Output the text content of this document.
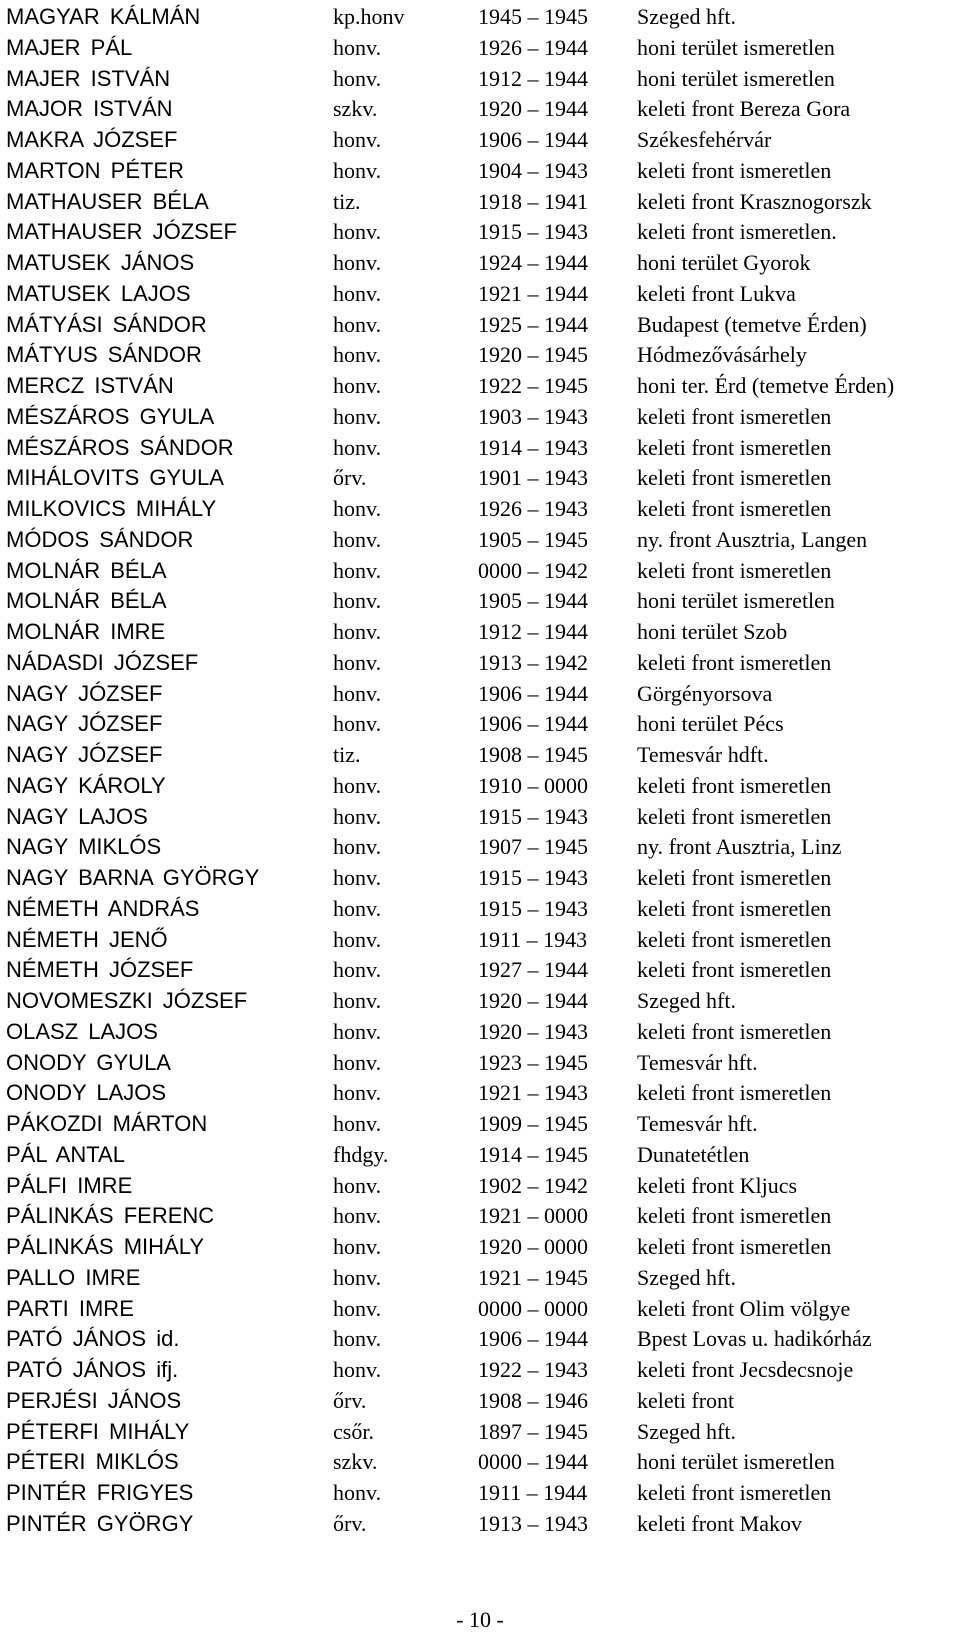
MAGYAR KÁLMÁN	kp.honv	1945 – 1945 Szeged hft.
MAJER PÁL	honv.	1926 – 1944 honi terület ismeretlen
MAJER ISTVÁN	honv.	1912 – 1944 honi terület ismeretlen
MAJOR ISTVÁN	szkv.	1920 – 1944 keleti front Bereza Gora
MAKRA JÓZSEF	honv.	1906 – 1944 Székesfehérvár
MARTON PÉTER	honv.	1904 – 1943 keleti front ismeretlen
MATHAUSER BÉLA	tiz.	1918 – 1941 keleti front Krasznogorszk
MATHAUSER JÓZSEF	honv.	1915 – 1943 keleti front ismeretlen.
MATUSEK JÁNOS	honv.	1924 – 1944 honi terület Gyorok
MATUSEK LAJOS	honv.	1921 – 1944 keleti front Lukva
MÁTYÁSI SÁNDOR	honv.	1925 – 1944 Budapest (temetve Érden)
MÁTYUS SÁNDOR	honv.	1920 – 1945 Hódmezővásárhely
MERCZ ISTVÁN	honv.	1922 – 1945 honi ter. Érd (temetve Érden)
MÉSZÁROS GYULA	honv.	1903 – 1943 keleti front ismeretlen
MÉSZÁROS SÁNDOR	honv.	1914 – 1943 keleti front ismeretlen
MIHÁLOVITS GYULA	őrv.	1901 – 1943 keleti front ismeretlen
MILKOVICS MIHÁLY	honv.	1926 – 1943 keleti front ismeretlen
MÓDOS SÁNDOR	honv.	1905 – 1945 ny. front Ausztria, Langen
MOLNÁR BÉLA	honv.	0000 – 1942 keleti front ismeretlen
MOLNÁR BÉLA	honv.	1905 – 1944 honi terület ismeretlen
MOLNÁR IMRE	honv.	1912 – 1944 honi terület Szob
NÁDASDI JÓZSEF	honv.	1913 – 1942 keleti front ismeretlen
NAGY JÓZSEF	honv.	1906 – 1944 Görgényorsova
NAGY JÓZSEF	honv.	1906 – 1944 honi terület Pécs
NAGY JÓZSEF	tiz.	1908 – 1945 Temesvár hdft.
NAGY KÁROLY	honv.	1910 – 0000 keleti front ismeretlen
NAGY LAJOS	honv.	1915 – 1943 keleti front ismeretlen
NAGY MIKLÓS	honv.	1907 – 1945 ny. front Ausztria, Linz
NAGY BARNA GYÖRGY	honv.	1915 – 1943 keleti front ismeretlen
NÉMETH ANDRÁS	honv.	1915 – 1943 keleti front ismeretlen
NÉMETH JENŐ	honv.	1911 – 1943 keleti front ismeretlen
NÉMETH JÓZSEF	honv.	1927 – 1944 keleti front ismeretlen
NOVOMESZKI JÓZSEF	honv.	1920 – 1944 Szeged hft.
OLASZ LAJOS	honv.	1920 – 1943 keleti front ismeretlen
ONODY GYULA	honv.	1923 – 1945 Temesvár hft.
ONODY LAJOS	honv.	1921 – 1943 keleti front ismeretlen
PÁKOZDI MÁRTON	honv.	1909 – 1945 Temesvár hft.
PÁL ANTAL	fhdgy.	1914 – 1945 Dunatetétlen
PÁLFI IMRE	honv.	1902 – 1942 keleti front Kljucs
PÁLINKÁS FERENC	honv.	1921 – 0000 keleti front ismeretlen
PÁLINKÁS MIHÁLY	honv.	1920 – 0000 keleti front ismeretlen
PALLO IMRE	honv.	1921 – 1945 Szeged hft.
PARTI IMRE	honv.	0000 – 0000 keleti front Olim völgye
PATÓ JÁNOS id.	honv.	1906 – 1944 Bpest Lovas u. hadikórház
PATÓ JÁNOS ifj.	honv.	1922 – 1943 keleti front Jecsdecsnoje
PERJÉSI JÁNOS	őrv.	1908 – 1946 keleti front
PÉTERFI MIHÁLY	csőr.	1897 – 1945 Szeged hft.
PÉTERI MIKLÓS	szkv.	0000 – 1944 honi terület ismeretlen
PINTÉR FRIGYES	honv.	1911 – 1944 keleti front ismeretlen
PINTÉR GYÖRGY	őrv.	1913 – 1943 keleti front Makov
- 10 -
